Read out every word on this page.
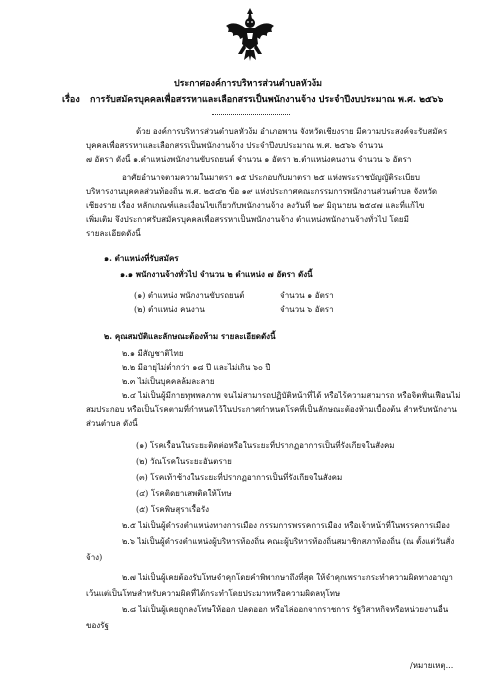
ประกาศองค์การบริหารส่วนตำบลหัวง้ม
เรื่อง การรับสมัครบุคคลเพื่อสรรหาและเลือกสรรเป็นพนักงานจ้าง ประจำปีงบประมาณ พ.ศ. ๒๕๖๖
ด้วย องค์การบริหารส่วนตำบลหัวง้ม อำเภอพาน จังหวัดเชียงราย มีความประสงค์จะรับสมัคร
บุคคลเพื่อสรรหาและเลือกสรรเป็นพนักงานจ้าง ประจำปีงบประมาณ พ.ศ. ๒๕๖๖ จำนวน
๗ อัตรา ดังนี้ ๑.ตำแหน่งพนักงานขับรถยนต์ จำนวน ๑ อัตรา ๒.ตำแหน่งคนงาน จำนวน ๖ อัตรา
อาศัยอำนาจตามความในมาตรา ๑๕ ประกอบกับมาตรา ๒๕ แห่งพระราชบัญญัติระเบียบ
บริหารงานบุคคลส่วนท้องถิ่น พ.ศ. ๒๕๔๒ ข้อ ๑๙ แห่งประกาศคณะกรรมการพนักงานส่วนตำบล จังหวัด
เชียงราย เรื่อง หลักเกณฑ์และเงื่อนไขเกี่ยวกับพนักงานจ้าง ลงวันที่ ๒๙ มิถุนายน ๒๕๔๗ และที่แก้ไข
เพิ่มเติม จึงประกาศรับสมัครบุคคลเพื่อสรรหาเป็นพนักงานจ้าง ตำแหน่งพนักงานจ้างทั่วไป โดยมี
รายละเอียดดังนี้
๑. ตำแหน่งที่รับสมัคร
๑.๑ พนักงานจ้างทั่วไป จำนวน ๒ ตำแหน่ง ๗ อัตรา ดังนี้
(๑) ตำแหน่ง พนักงานขับรถยนต์	จำนวน ๑ อัตรา
(๒) ตำแหน่ง คนงาน	จำนวน ๖ อัตรา
๒. คุณสมบัติและลักษณะต้องห้าม รายละเอียดดังนี้
๒.๑ มีสัญชาติไทย
๒.๒ มีอายุไม่ต่ำกว่า ๑๘ ปี และไม่เกิน ๖๐ ปี
๒.๓ ไม่เป็นบุคคลล้มละลาย
๒.๔ ไม่เป็นผู้มีกายทุพพลภาพ จนไม่สามารถปฏิบัติหน้าที่ได้ หรือไร้ความสามารถ หรือจิตฟั่นเฟือนไม่
สมประกอบ หรือเป็นโรคตามที่กำหนดไว้ในประกาศกำหนดโรคที่เป็นลักษณะต้องห้ามเบื้องต้น สำหรับพนักงาน
ส่วนตำบล ดังนี้
(๑) โรคเรื้อนในระยะติดต่อหรือในระยะที่ปรากฏอาการเป็นที่รังเกียจในสังคม
(๒) วัณโรคในระยะอันตราย
(๓) โรคเท้าช้างในระยะที่ปรากฏอาการเป็นที่รังเกียจในสังคม
(๔) โรคติดยาเสพติดให้โทษ
(๕) โรคพิษสุราเรื้อรัง
๒.๕ ไม่เป็นผู้ดำรงตำแหน่งทางการเมือง กรรมการพรรคการเมือง หรือเจ้าหน้าที่ในพรรคการเมือง
๒.๖ ไม่เป็นผู้ดำรงตำแหน่งผู้บริหารท้องถิ่น คณะผู้บริหารท้องถิ่นสมาชิกสภาท้องถิ่น (ณ ตั้งแต่วันสั่ง
จ้าง)
๒.๗ ไม่เป็นผู้เคยต้องรับโทษจำคุกโดยคำพิพากษาถึงที่สุด ให้จำคุกเพราะกระทำความผิดทางอาญา
เว้นแต่เป็นโทษสำหรับความผิดที่ได้กระทำโดยประมาทหรือความผิดลหุโทษ
๒.๘ ไม่เป็นผู้เคยถูกลงโทษให้ออก ปลดออก หรือไล่ออกจากราชการ รัฐวิสาหกิจหรือหน่วยงานอื่น
ของรัฐ
/หมายเหตุ...
